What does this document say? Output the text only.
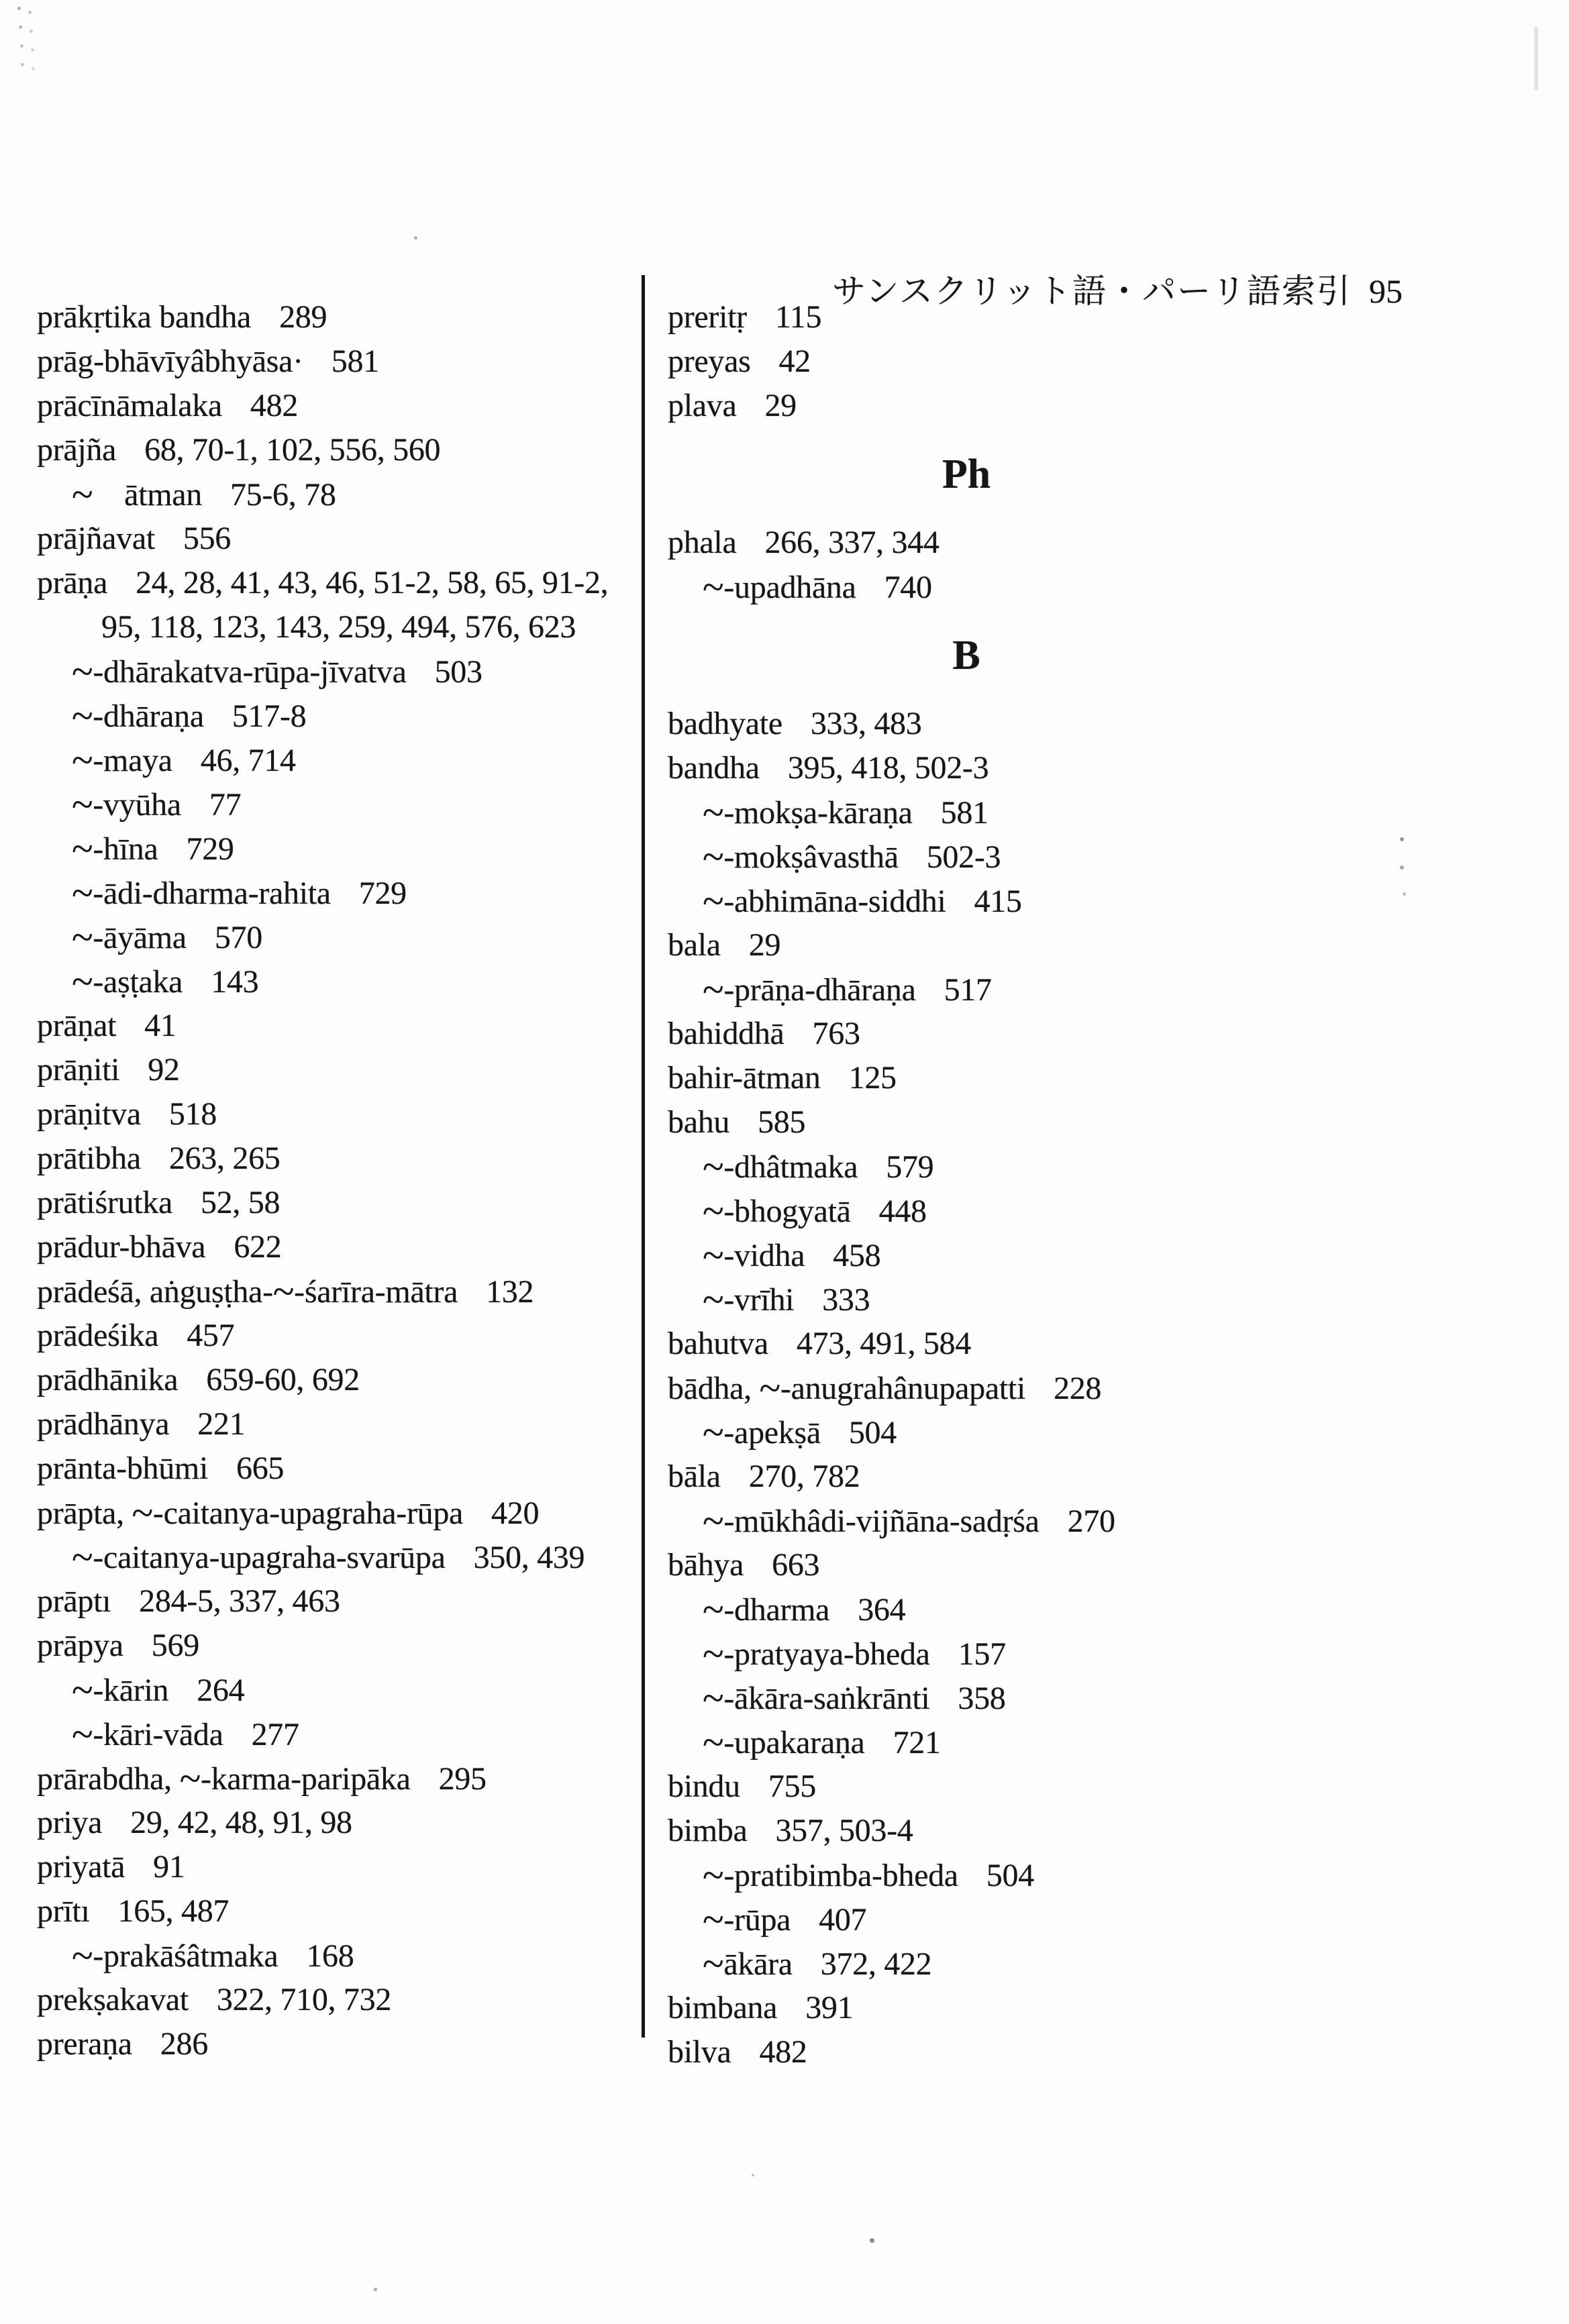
サンスクリット語・パーリ語索引 95

prākṛtika bandha 289
prāg-bhāvīyâbhyāsa· 581
prācīnāmalaka 482
prājña 68, 70-1, 102, 556, 560
~    ātman 75-6, 78
prājñavat 556
prāṇa 24, 28, 41, 43, 46, 51-2, 58, 65, 91-2,
95, 118, 123, 143, 259, 494, 576, 623
~-dhārakatva-rūpa-jīvatva 503
~-dhāraṇa 517-8
~-maya 46, 714
~-vyūha 77
~-hīna 729
~-ādi-dharma-rahita 729
~-āyāma 570
~-aṣṭaka 143
prāṇat 41
prāṇiti 92
prāṇitva 518
prātibha 263, 265
prātiśrutka 52, 58
prādur-bhāva 622
prādeśā, aṅguṣṭha-~-śarīra-mātra 132
prādeśika 457
prādhānika 659-60, 692
prādhānya 221
prānta-bhūmi 665
prāpta, ~-caitanya-upagraha-rūpa 420
~-caitanya-upagraha-svarūpa 350, 439
prāptı 284-5, 337, 463
prāpya 569
~-kārin 264
~-kāri-vāda 277
prārabdha, ~-karma-paripāka 295
priya 29, 42, 48, 91, 98
priyatā 91
prītı 165, 487
~-prakāśâtmaka 168
prekṣakavat 322, 710, 732
preraṇa 286
preritṛ 115
preyas 42
plava 29
Ph
phala 266, 337, 344
~-upadhāna 740
B
badhyate 333, 483
bandha 395, 418, 502-3
~-mokṣa-kāraṇa 581
~-mokṣâvasthā 502-3
~-abhimāna-siddhi 415
bala 29
~-prāṇa-dhāraṇa 517
bahiddhā 763
bahir-ātman 125
bahu 585
~-dhâtmaka 579
~-bhogyatā 448
~-vidha 458
~-vrīhi 333
bahutva 473, 491, 584
bādha, ~-anugrahânupapatti 228
~-apekṣā 504
bāla 270, 782
~-mūkhâdi-vijñāna-sadṛśa 270
bāhya 663
~-dharma 364
~-pratyaya-bheda 157
~-ākāra-saṅkrānti 358
~-upakaraṇa 721
bindu 755
bimba 357, 503-4
~-pratibimba-bheda 504
~-rūpa 407
~ākāra 372, 422
bimbana 391
bilva 482
